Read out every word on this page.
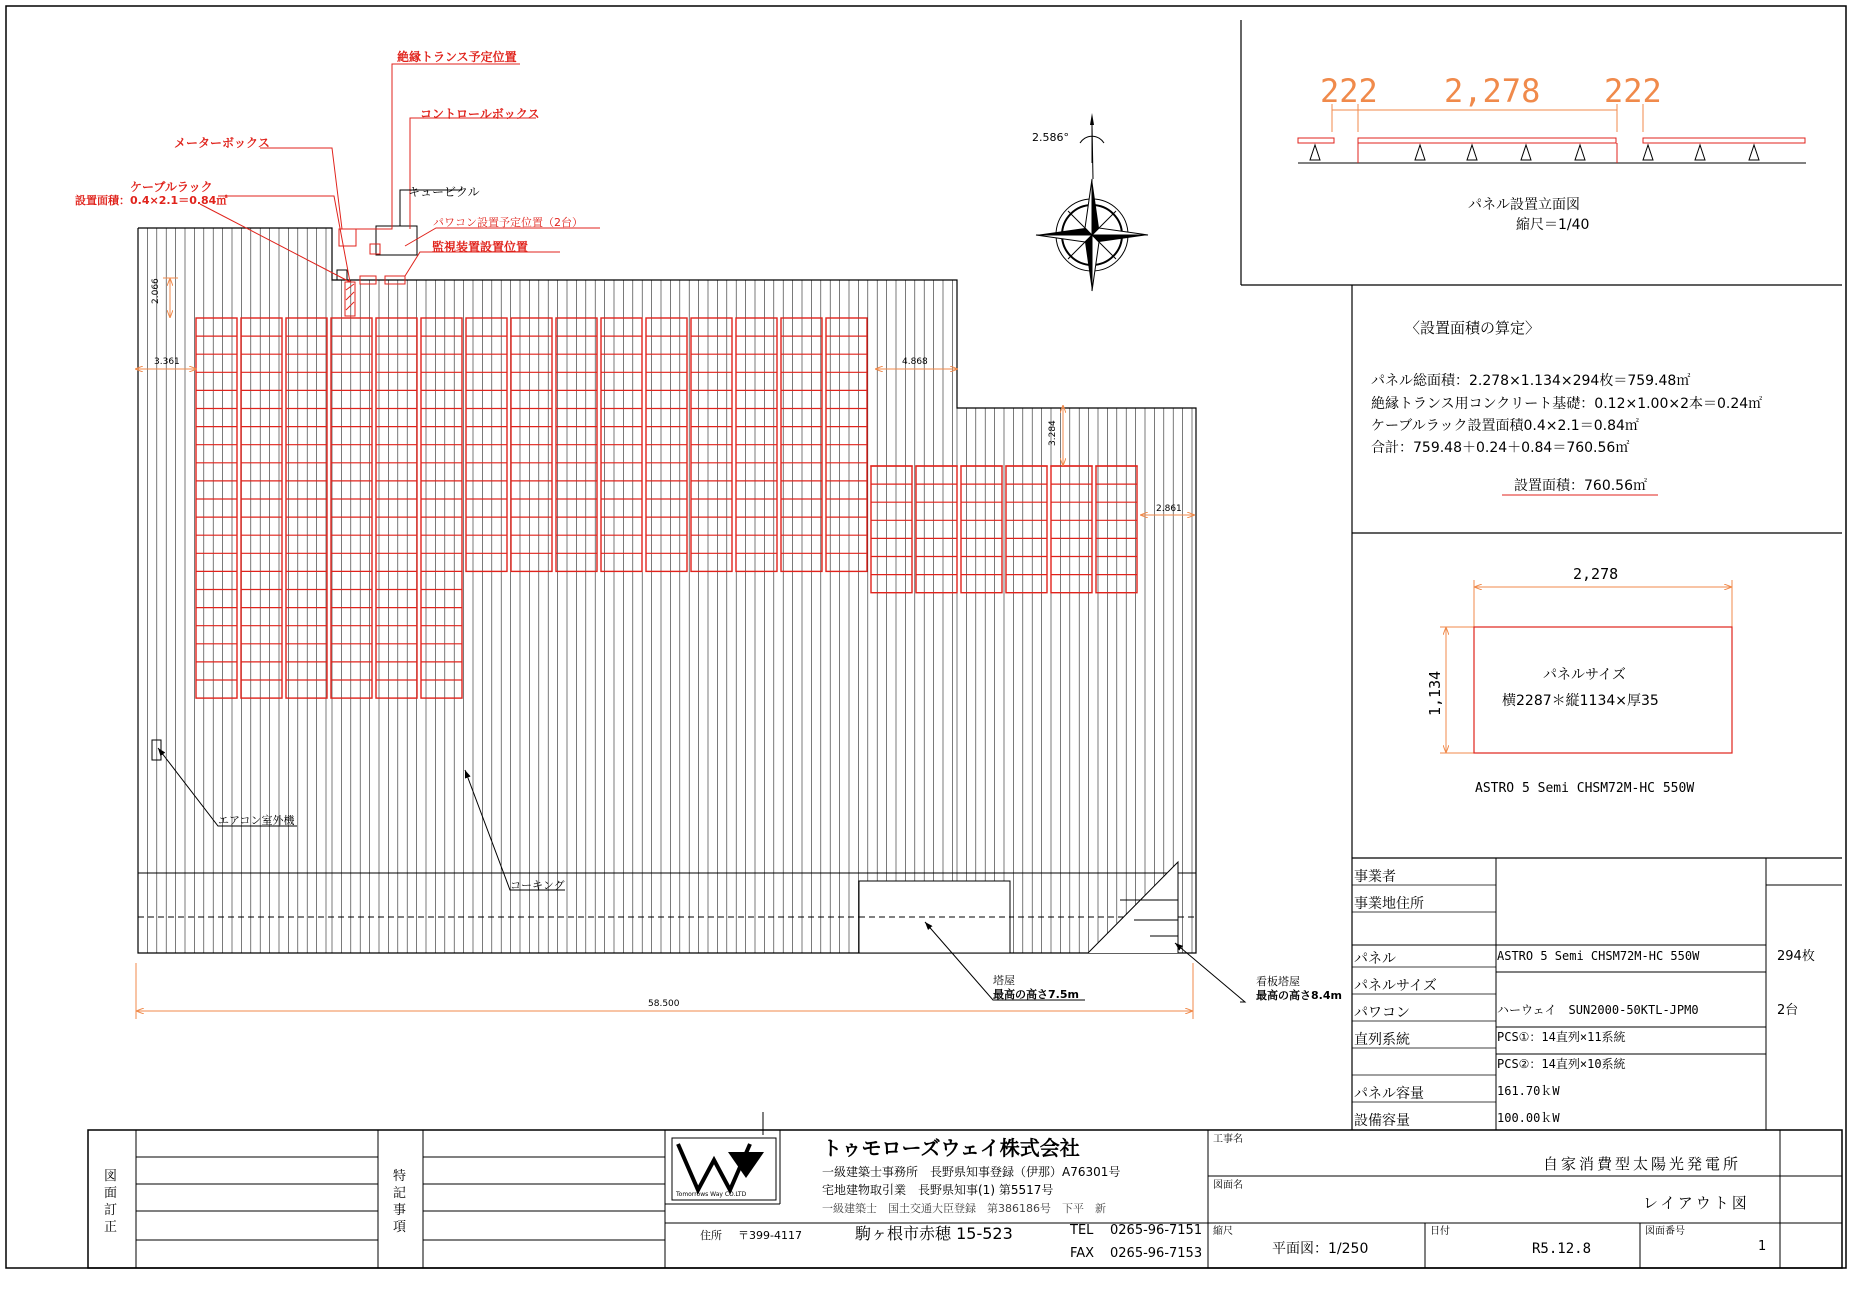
絶縁トランス予定位置
コントロールボックス
メーターボックス
ケーブルラック
設置面積：0.4×2.1＝0.84㎡
キュービクル
パワコン設置予定位置（2台）
監視装置設置位置
エアコン室外機
コーキング
塔屋
最高の高さ7.5m
看板塔屋
最高の高さ8.4m
2.066
3.361	4.868
3.284
2.861
58.500
2.586°
222 2,278 222
パネル設置立面図
縮尺＝1/40
〈設置面積の算定〉
パネル総面積：2.278×1.134×294枚＝759.48㎡
絶縁トランス用コンクリート基礎：0.12×1.00×2本＝0.24㎡
ケーブルラック設置面積0.4×2.1＝0.84㎡
合計：759.48＋0.24＋0.84＝760.56㎡
設置面積：760.56㎡
2,278
1,134	パネルサイズ
横2287＊縦1134×厚35
ASTRO 5 Semi CHSM72M-HC 550W
事業者
事業地住所
パネル	ASTRO 5 Semi CHSM72M-HC 550W	294枚
パネルサイズ
パワコン	ハーウェイ　SUN2000-50KTL-JPM0	2台
直列系統	PCS①：14直列×11系統
PCS②：14直列×10系統
パネル容量	161.70ｋW
設備容量	100.00ｋW
図
面
訂
正
特
記
事
項
Tomorrows Way CO.LTD
トゥモローズウェイ株式会社
一級建築士事務所　長野県知事登録（伊那）A76301号
宅地建物取引業　長野県知事(1) 第5517号
一級建築士　国土交通大臣登録　第386186号　下平　新
住所 〒399-4117	駒ヶ根市赤穂 15-523	TEL 0265-96-7151
FAX 0265-96-7153
工事名
自家消費型太陽光発電所
図面名
レイアウト図
縮尺
平面図：1/250
日付
R5.12.8
図面番号
1
